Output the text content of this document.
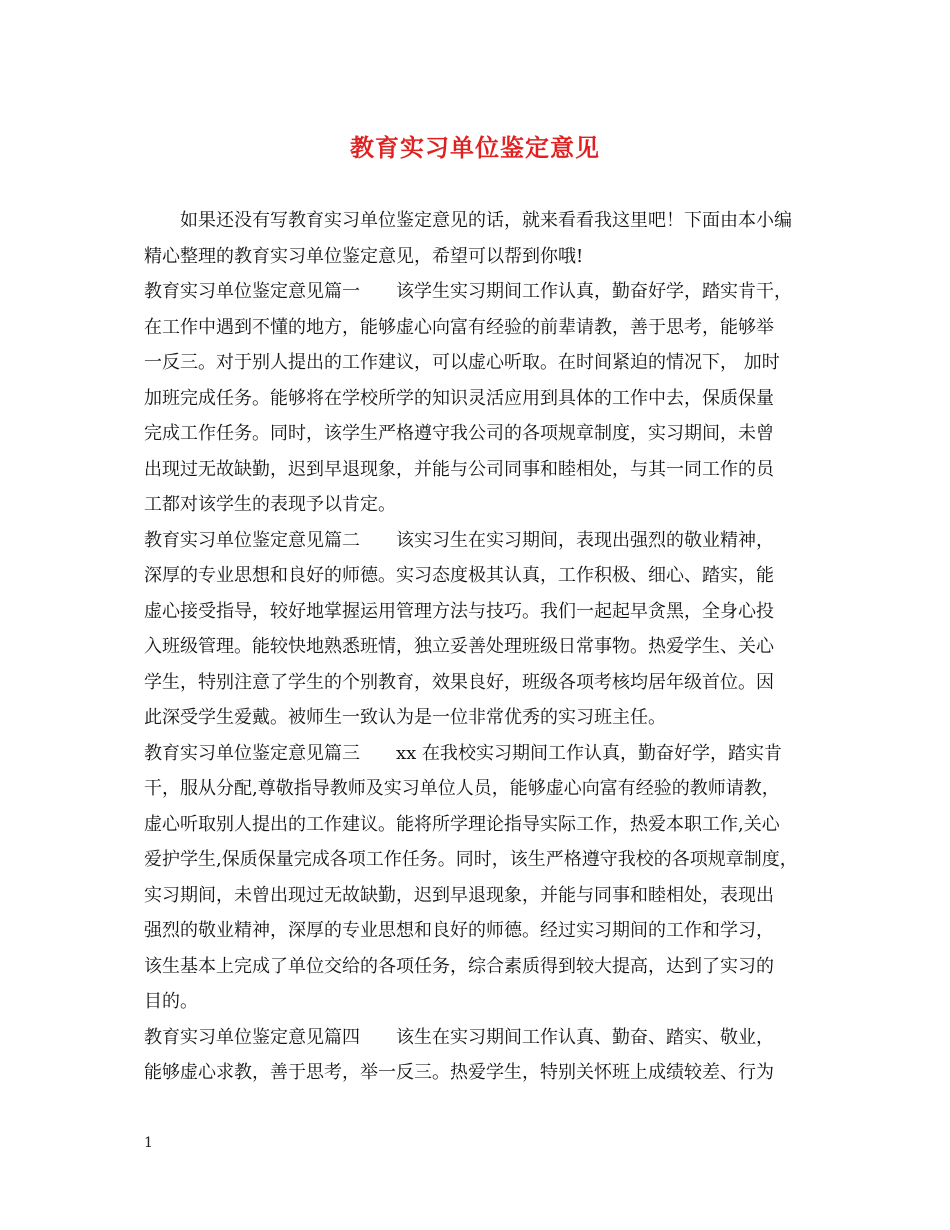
教育实习单位鉴定意见
如果还没有写教育实习单位鉴定意见的话，就来看看我这里吧！下面由本小编
精心整理的教育实习单位鉴定意见，希望可以帮到你哦!
教育实习单位鉴定意见篇一 该学生实习期间工作认真，勤奋好学，踏实肯干，
在工作中遇到不懂的地方，能够虚心向富有经验的前辈请教，善于思考，能够举
一反三。对于别人提出的工作建议，可以虚心听取。在时间紧迫的情况下， 加时
加班完成任务。能够将在学校所学的知识灵活应用到具体的工作中去，保质保量
完成工作任务。同时，该学生严格遵守我公司的各项规章制度，实习期间，未曾
出现过无故缺勤，迟到早退现象，并能与公司同事和睦相处，与其一同工作的员
工都对该学生的表现予以肯定。
教育实习单位鉴定意见篇二 该实习生在实习期间，表现出强烈的敬业精神，
深厚的专业思想和良好的师德。实习态度极其认真，工作积极、细心、踏实，能
虚心接受指导，较好地掌握运用管理方法与技巧。我们一起起早贪黑，全身心投
入班级管理。能较快地熟悉班情，独立妥善处理班级日常事物。热爱学生、关心
学生，特别注意了学生的个别教育，效果良好，班级各项考核均居年级首位。因
此深受学生爱戴。被师生一致认为是一位非常优秀的实习班主任。
教育实习单位鉴定意见篇三 xx 在我校实习期间工作认真，勤奋好学，踏实肯
干，服从分配,尊敬指导教师及实习单位人员，能够虚心向富有经验的教师请教，
虚心听取别人提出的工作建议。能将所学理论指导实际工作，热爱本职工作,关心
爱护学生,保质保量完成各项工作任务。同时，该生严格遵守我校的各项规章制度，
实习期间，未曾出现过无故缺勤，迟到早退现象，并能与同事和睦相处，表现出
强烈的敬业精神，深厚的专业思想和良好的师德。经过实习期间的工作和学习，
该生基本上完成了单位交给的各项任务，综合素质得到较大提高，达到了实习的
目的。
教育实习单位鉴定意见篇四 该生在实习期间工作认真、勤奋、踏实、敬业，
能够虚心求教，善于思考，举一反三。热爱学生，特别关怀班上成绩较差、行为
1
